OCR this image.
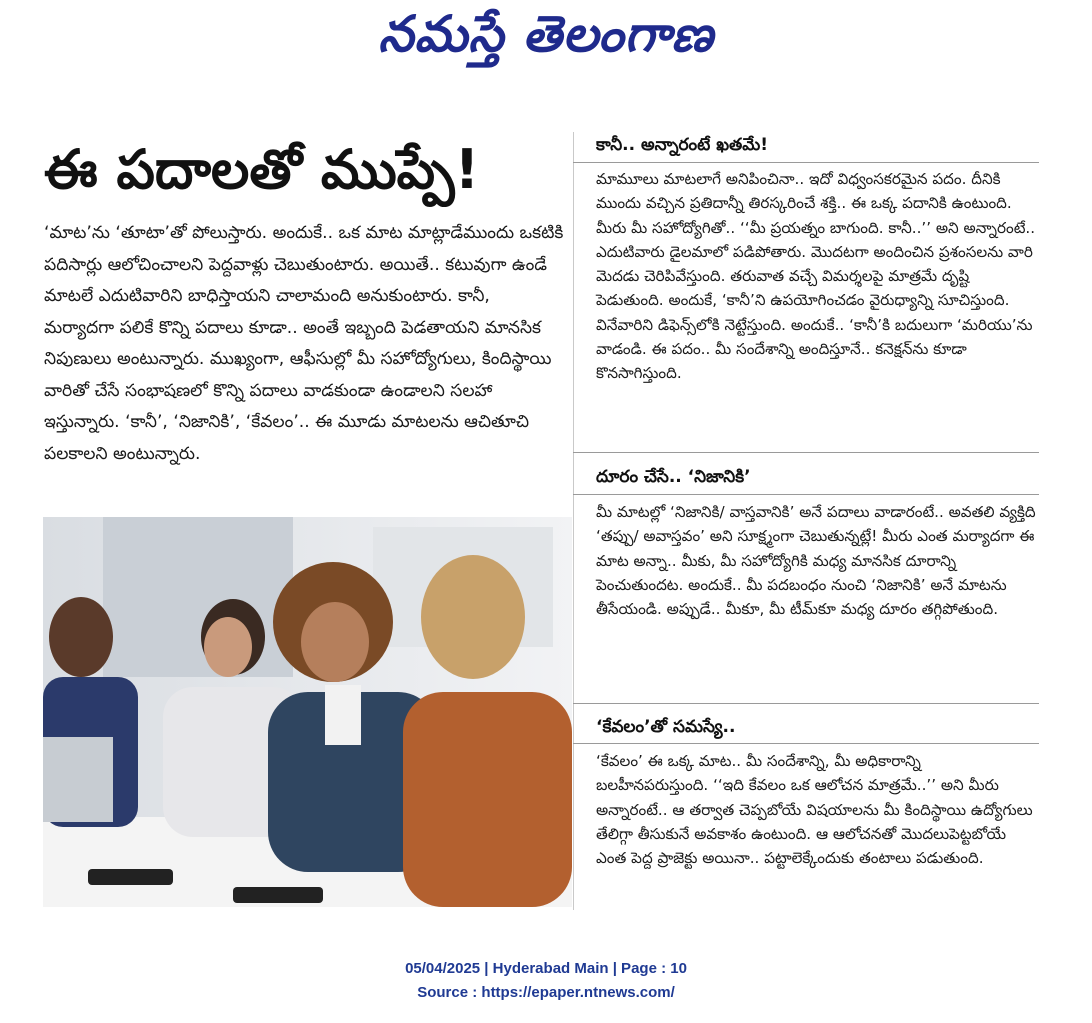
నమస్తే తెలంగాణ
ఈ పదాలతో ముప్పే!

‘మాట’ను ‘తూటా’తో పోలుస్తారు. అందుకే.. ఒక మాట మాట్లాడేముందు ఒకటికి పదిసార్లు ఆలోచించాలని పెద్దవాళ్లు చెబుతుంటారు. అయితే.. కటువుగా ఉండే మాటలే ఎదుటివారిని బాధిస్తాయని చాలామంది అనుకుంటారు. కానీ, మర్యాదగా పలికే కొన్ని పదాలు కూడా.. అంతే ఇబ్బంది పెడతాయని మానసిక నిపుణులు అంటున్నారు. ముఖ్యంగా, ఆఫీసుల్లో మీ సహోద్యోగులు, కిందిస్థాయి వారితో చేసే సంభాషణలో కొన్ని పదాలు వాడకుండా ఉండాలని సలహా ఇస్తున్నారు. ‘కానీ’, ‘నిజానికి’, ‘కేవలం’.. ఈ మూడు మాటలను ఆచితూచి పలకాలని అంటున్నారు.

కానీ.. అన్నారంటే ఖతమే!

మామూలు మాటలాగే అనిపించినా.. ఇదో విధ్వంసకరమైన పదం. దీనికి ముందు వచ్చిన ప్రతిదాన్నీ తిరస్కరించే శక్తి.. ఈ ఒక్క పదానికి ఉంటుంది. మీరు మీ సహోద్యోగితో.. ‘‘మీ ప్రయత్నం బాగుంది. కానీ..’’ అని అన్నారంటే.. ఎదుటివారు డైలమాలో పడిపోతారు. మొదటగా అందించిన ప్రశంసలను వారి మెదడు చెరిపివేస్తుంది. తరువాత వచ్చే విమర్శలపై మాత్రమే దృష్టి పెడుతుంది. అందుకే, ‘కానీ’ని ఉపయోగించడం వైరుధ్యాన్ని సూచిస్తుంది. వినేవారిని డిఫెన్స్‌లోకి నెట్టేస్తుంది. అందుకే.. ‘కానీ’కి బదులుగా ‘మరియు’ను వాడండి. ఈ పదం.. మీ సందేశాన్ని అందిస్తూనే.. కనెక్షన్‌ను కూడా కొనసాగిస్తుంది.

దూరం చేసే.. ‘నిజానికి’

మీ మాటల్లో ‘నిజానికి/ వాస్తవానికి’ అనే పదాలు వాడారంటే.. అవతలి వ్యక్తిది ‘తప్పు/ అవాస్తవం’ అని సూక్ష్మంగా చెబుతున్నట్లే! మీరు ఎంత మర్యాదగా ఈ మాట అన్నా.. మీకు, మీ సహోద్యోగికి మధ్య మానసిక దూరాన్ని పెంచుతుందట. అందుకే.. మీ పదబంధం నుంచి ‘నిజానికి’ అనే మాటను తీసేయండి. అప్పుడే.. మీకూ, మీ టీమ్‌కూ మధ్య దూరం తగ్గిపోతుంది.

‘కేవలం’తో సమస్యే..

‘కేవలం’ ఈ ఒక్క మాట.. మీ సందేశాన్ని, మీ అధికారాన్ని బలహీనపరుస్తుంది. ‘‘ఇది కేవలం ఒక ఆలోచన మాత్రమే..’’ అని మీరు అన్నారంటే.. ఆ తర్వాత చెప్పబోయే విషయాలను మీ కిందిస్థాయి ఉద్యోగులు తేలిగ్గా తీసుకునే అవకాశం ఉంటుంది. ఆ ఆలోచనతో మొదలుపెట్టబోయే ఎంత పెద్ద ప్రాజెక్టు అయినా.. పట్టాలెక్కేందుకు తంటాలు పడుతుంది.

05/04/2025 | Hyderabad Main | Page : 10
Source : https://epaper.ntnews.com/
